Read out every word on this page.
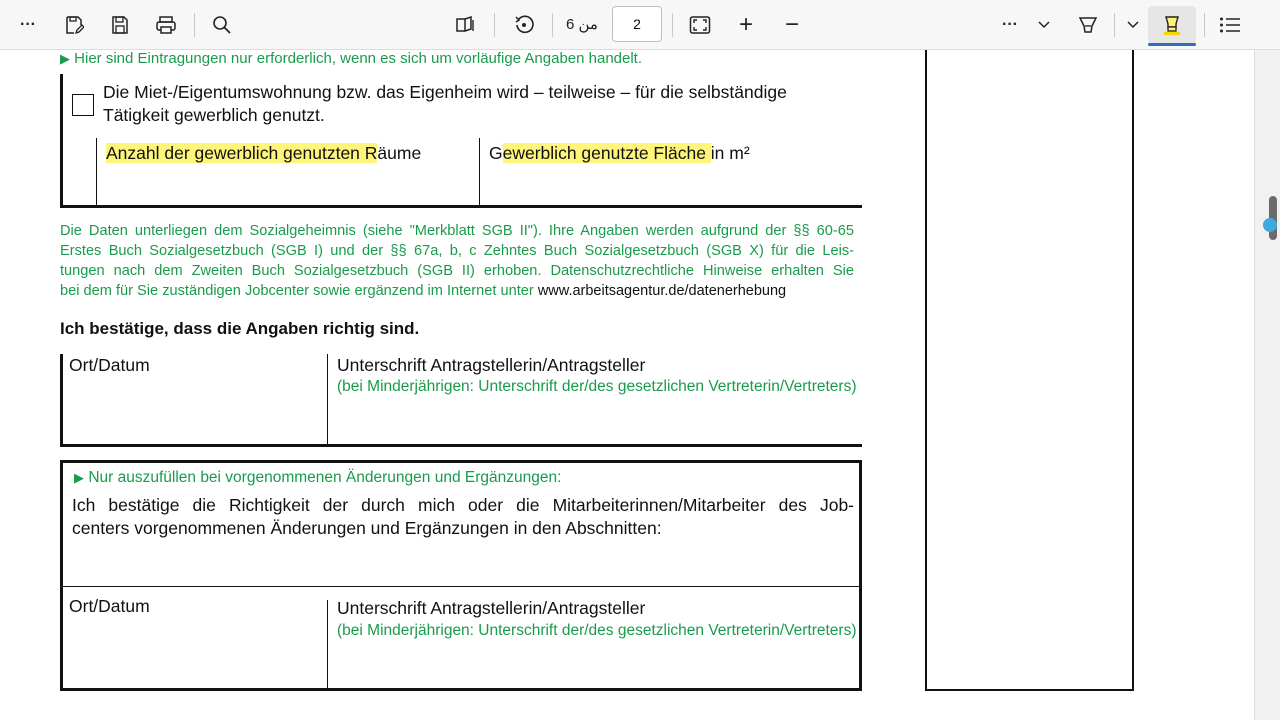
···	من 6	2	+	−	···
▶ Hier sind Eintragungen nur erforderlich, wenn es sich um vorläufige Angaben handelt.
Die Miet-/Eigentumswohnung bzw. das Eigenheim wird – teilweise – für die selbständige
Tätigkeit gewerblich genutzt.
Anzahl der gewerblich genutzten Räume	Gewerblich genutzte Fläche in m²
Die Daten unterliegen dem Sozialgeheimnis (siehe "Merkblatt SGB II"). Ihre Angaben werden aufgrund der §§ 60-65
Erstes Buch Sozialgesetzbuch (SGB I) und der §§ 67a, b, c Zehntes Buch Sozialgesetzbuch (SGB X) für die Leis-
tungen nach dem Zweiten Buch Sozialgesetzbuch (SGB II) erhoben. Datenschutzrechtliche Hinweise erhalten Sie
bei dem für Sie zuständigen Jobcenter sowie ergänzend im Internet unter www.arbeitsagentur.de/datenerhebung
Ich bestätige, dass die Angaben richtig sind.
Ort/Datum	Unterschrift Antragstellerin/Antragsteller
(bei Minderjährigen: Unterschrift der/des gesetzlichen Vertreterin/Vertreters)
▶ Nur auszufüllen bei vorgenommenen Änderungen und Ergänzungen:
Ich bestätige die Richtigkeit der durch mich oder die Mitarbeiterinnen/Mitarbeiter des Job-
centers vorgenommenen Änderungen und Ergänzungen in den Abschnitten:
Ort/Datum	Unterschrift Antragstellerin/Antragsteller
(bei Minderjährigen: Unterschrift der/des gesetzlichen Vertreterin/Vertreters)
